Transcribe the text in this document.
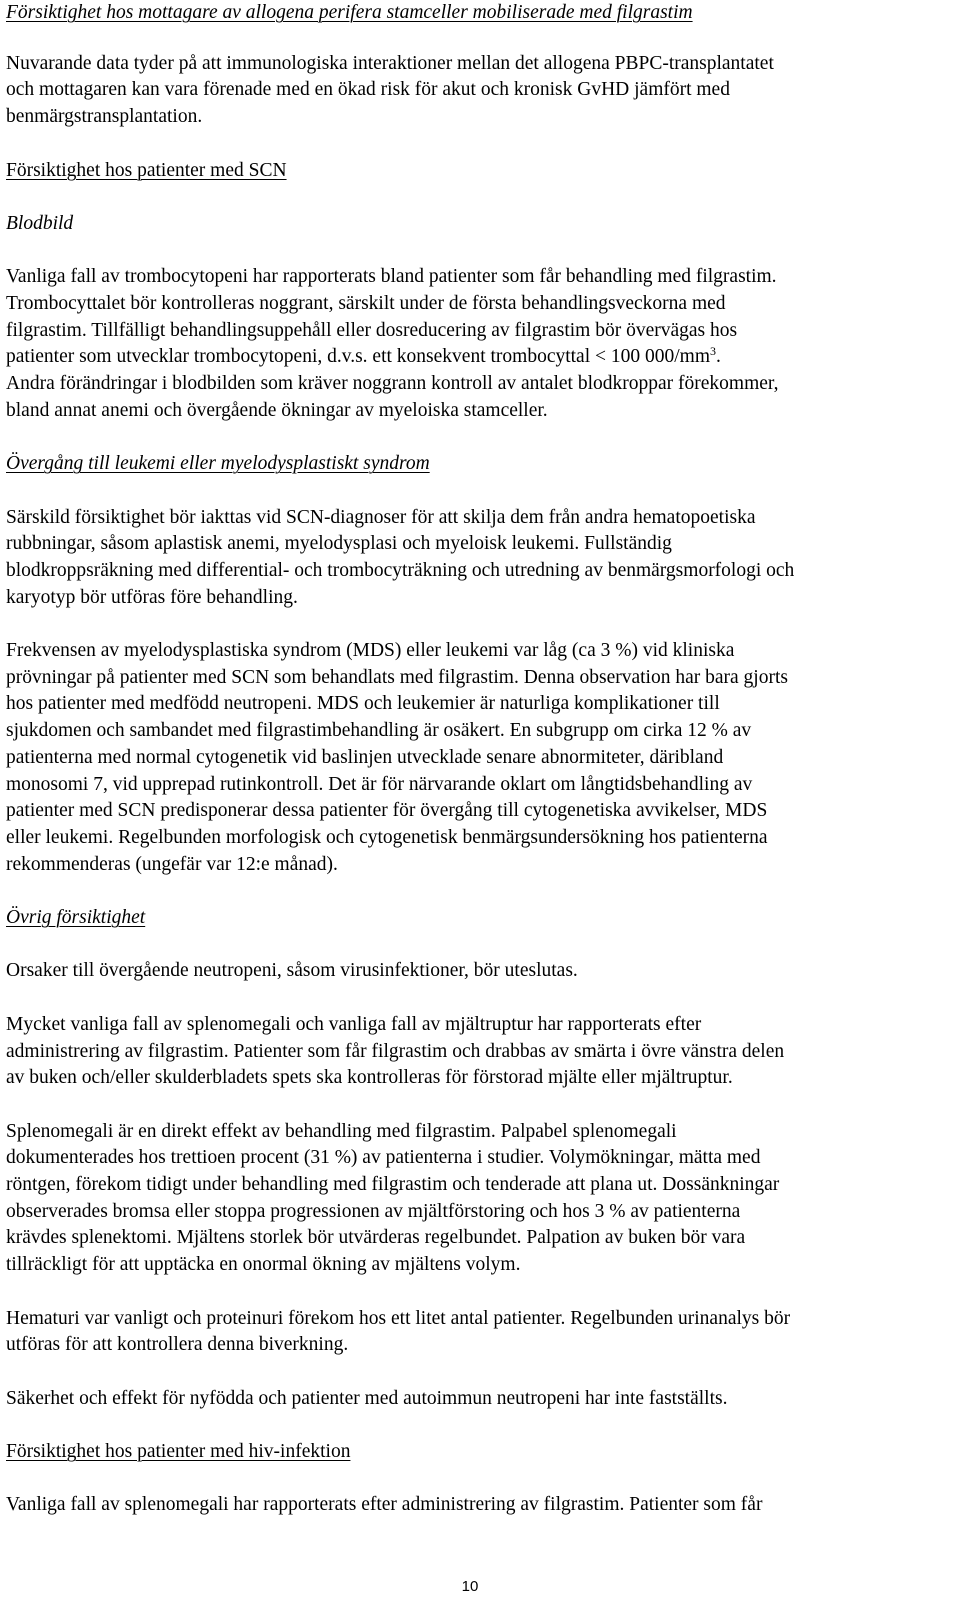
Försiktighet hos mottagare av allogena perifera stamceller mobiliserade med filgrastim

Nuvarande data tyder på att immunologiska interaktioner mellan det allogena PBPC-transplantatet

och mottagaren kan vara förenade med en ökad risk för akut och kronisk GvHD jämfört med

benmärgstransplantation.

Försiktighet hos patienter med SCN

Blodbild

Vanliga fall av trombocytopeni har rapporterats bland patienter som får behandling med filgrastim.

Trombocyttalet bör kontrolleras noggrant, särskilt under de första behandlingsveckorna med

filgrastim. Tillfälligt behandlingsuppehåll eller dosreducering av filgrastim bör övervägas hos

patienter som utvecklar trombocytopeni, d.v.s. ett konsekvent trombocyttal < 100 $000/mm^3$.

Andra förändringar i blodbilden som kräver noggrann kontroll av antalet blodkroppar förekommer,

bland annat anemi och övergående ökningar av myeloiska stamceller.

Övergång till leukemi eller myelodysplastiskt syndrom

Särskild försiktighet bör iakttas vid SCN-diagnoser för att skilja dem från andra hematopoetiska

rubbningar, såsom aplastisk anemi, myelodysplasi och myeloisk leukemi. Fullständig

blodkroppsräkning med differential- och trombocyträkning och utredning av benmärgsmorfologi och

karyotyp bör utföras före behandling.

Frekvensen av myelodysplastiska syndrom (MDS) eller leukemi var låg (ca 3 %) vid kliniska

prövningar på patienter med SCN som behandlats med filgrastim. Denna observation har bara gjorts

hos patienter med medfödd neutropeni. MDS och leukemier är naturliga komplikationer till

sjukdomen och sambandet med filgrastimbehandling är osäkert. En subgrupp om cirka 12 % av

patienterna med normal cytogenetik vid baslinjen utvecklade senare abnormiteter, däribland

monosomi 7, vid upprepad rutinkontroll. Det är för närvarande oklart om långtidsbehandling av

patienter med SCN predisponerar dessa patienter för övergång till cytogenetiska avvikelser, MDS

eller leukemi. Regelbunden morfologisk och cytogenetisk benmärgsundersökning hos patienterna

rekommenderas (ungefär var 12:e månad).

Övrig försiktighet

Orsaker till övergående neutropeni, såsom virusinfektioner, bör uteslutas.

Mycket vanliga fall av splenomegali och vanliga fall av mjältruptur har rapporterats efter

administrering av filgrastim. Patienter som får filgrastim och drabbas av smärta i övre vänstra delen

av buken och/eller skulderbladets spets ska kontrolleras för förstorad mjälte eller mjältruptur.

Splenomegali är en direkt effekt av behandling med filgrastim. Palpabel splenomegali

dokumenterades hos trettioen procent (31 %) av patienterna i studier. Volymökningar, mätta med

röntgen, förekom tidigt under behandling med filgrastim och tenderade att plana ut. Dossänkningar

observerades bromsa eller stoppa progressionen av mjältförstoring och hos 3 % av patienterna

krävdes splenektomi. Mjältens storlek bör utvärderas regelbundet. Palpation av buken bör vara

tillräckligt för att upptäcka en onormal ökning av mjältens volym.

Hematuri var vanligt och proteinuri förekom hos ett litet antal patienter. Regelbunden urinanalys bör

utföras för att kontrollera denna biverkning.

Säkerhet och effekt för nyfödda och patienter med autoimmun neutropeni har inte fastställts.

Försiktighet hos patienter med hiv-infektion

Vanliga fall av splenomegali har rapporterats efter administrering av filgrastim. Patienter som får

10
